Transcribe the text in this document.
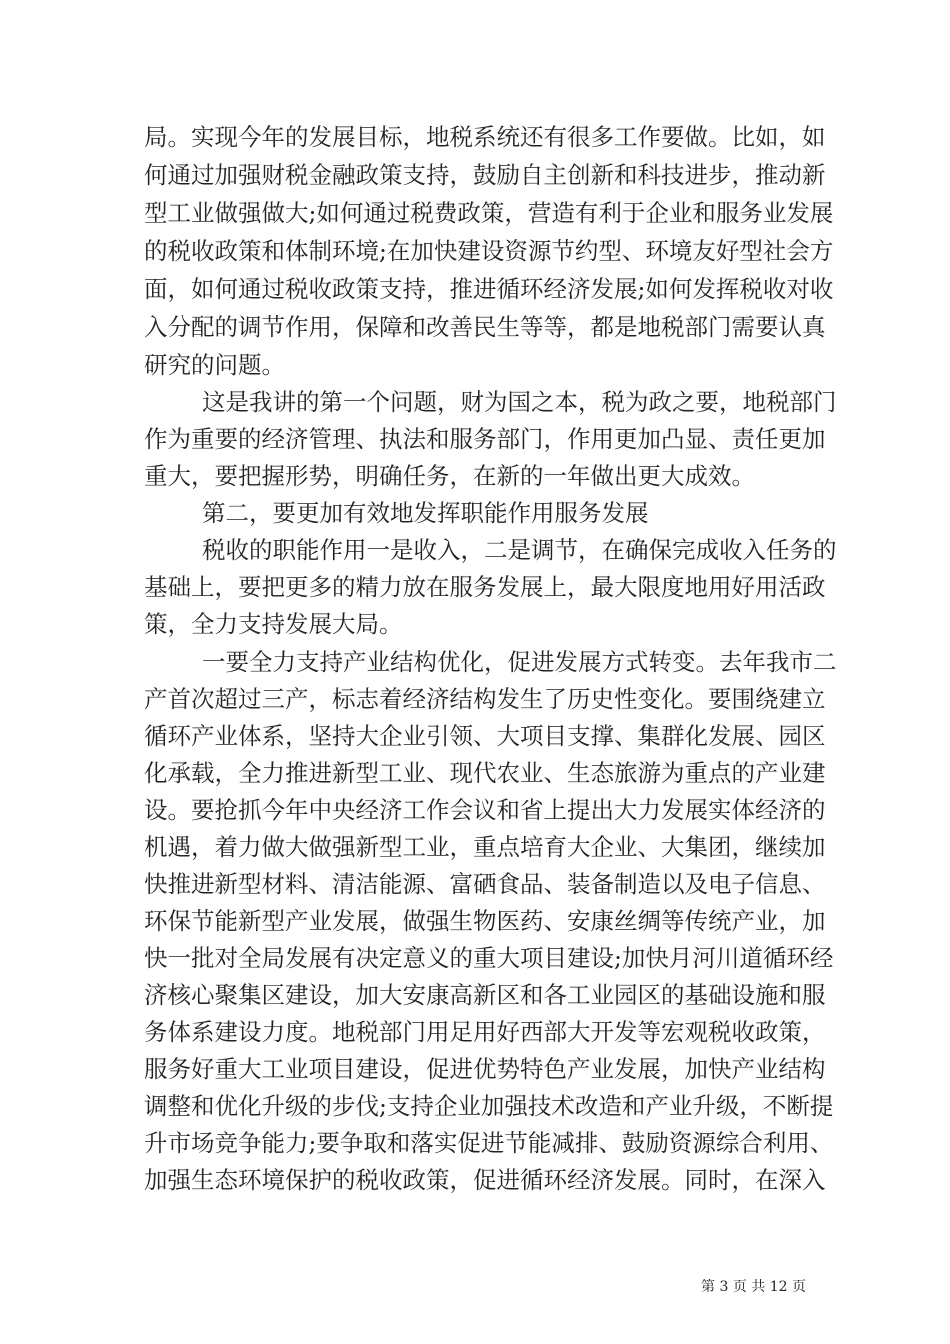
局。实现今年的发展目标，地税系统还有很多工作要做。比如，如
何通过加强财税金融政策支持，鼓励自主创新和科技进步，推动新
型工业做强做大;如何通过税费政策，营造有利于企业和服务业发展
的税收政策和体制环境;在加快建设资源节约型、环境友好型社会方
面，如何通过税收政策支持，推进循环经济发展;如何发挥税收对收
入分配的调节作用，保障和改善民生等等，都是地税部门需要认真
研究的问题。
这是我讲的第一个问题，财为国之本，税为政之要，地税部门
作为重要的经济管理、执法和服务部门，作用更加凸显、责任更加
重大，要把握形势，明确任务，在新的一年做出更大成效。
第二，要更加有效地发挥职能作用服务发展
税收的职能作用一是收入，二是调节，在确保完成收入任务的
基础上，要把更多的精力放在服务发展上，最大限度地用好用活政
策，全力支持发展大局。
一要全力支持产业结构优化，促进发展方式转变。去年我市二
产首次超过三产，标志着经济结构发生了历史性变化。要围绕建立
循环产业体系，坚持大企业引领、大项目支撑、集群化发展、园区
化承载，全力推进新型工业、现代农业、生态旅游为重点的产业建
设。要抢抓今年中央经济工作会议和省上提出大力发展实体经济的
机遇，着力做大做强新型工业，重点培育大企业、大集团，继续加
快推进新型材料、清洁能源、富硒食品、装备制造以及电子信息、
环保节能新型产业发展，做强生物医药、安康丝绸等传统产业，加
快一批对全局发展有决定意义的重大项目建设;加快月河川道循环经
济核心聚集区建设，加大安康高新区和各工业园区的基础设施和服
务体系建设力度。地税部门用足用好西部大开发等宏观税收政策，
服务好重大工业项目建设，促进优势特色产业发展，加快产业结构
调整和优化升级的步伐;支持企业加强技术改造和产业升级，不断提
升市场竞争能力;要争取和落实促进节能减排、鼓励资源综合利用、
加强生态环境保护的税收政策，促进循环经济发展。同时，在深入
第 3 页 共 12 页
